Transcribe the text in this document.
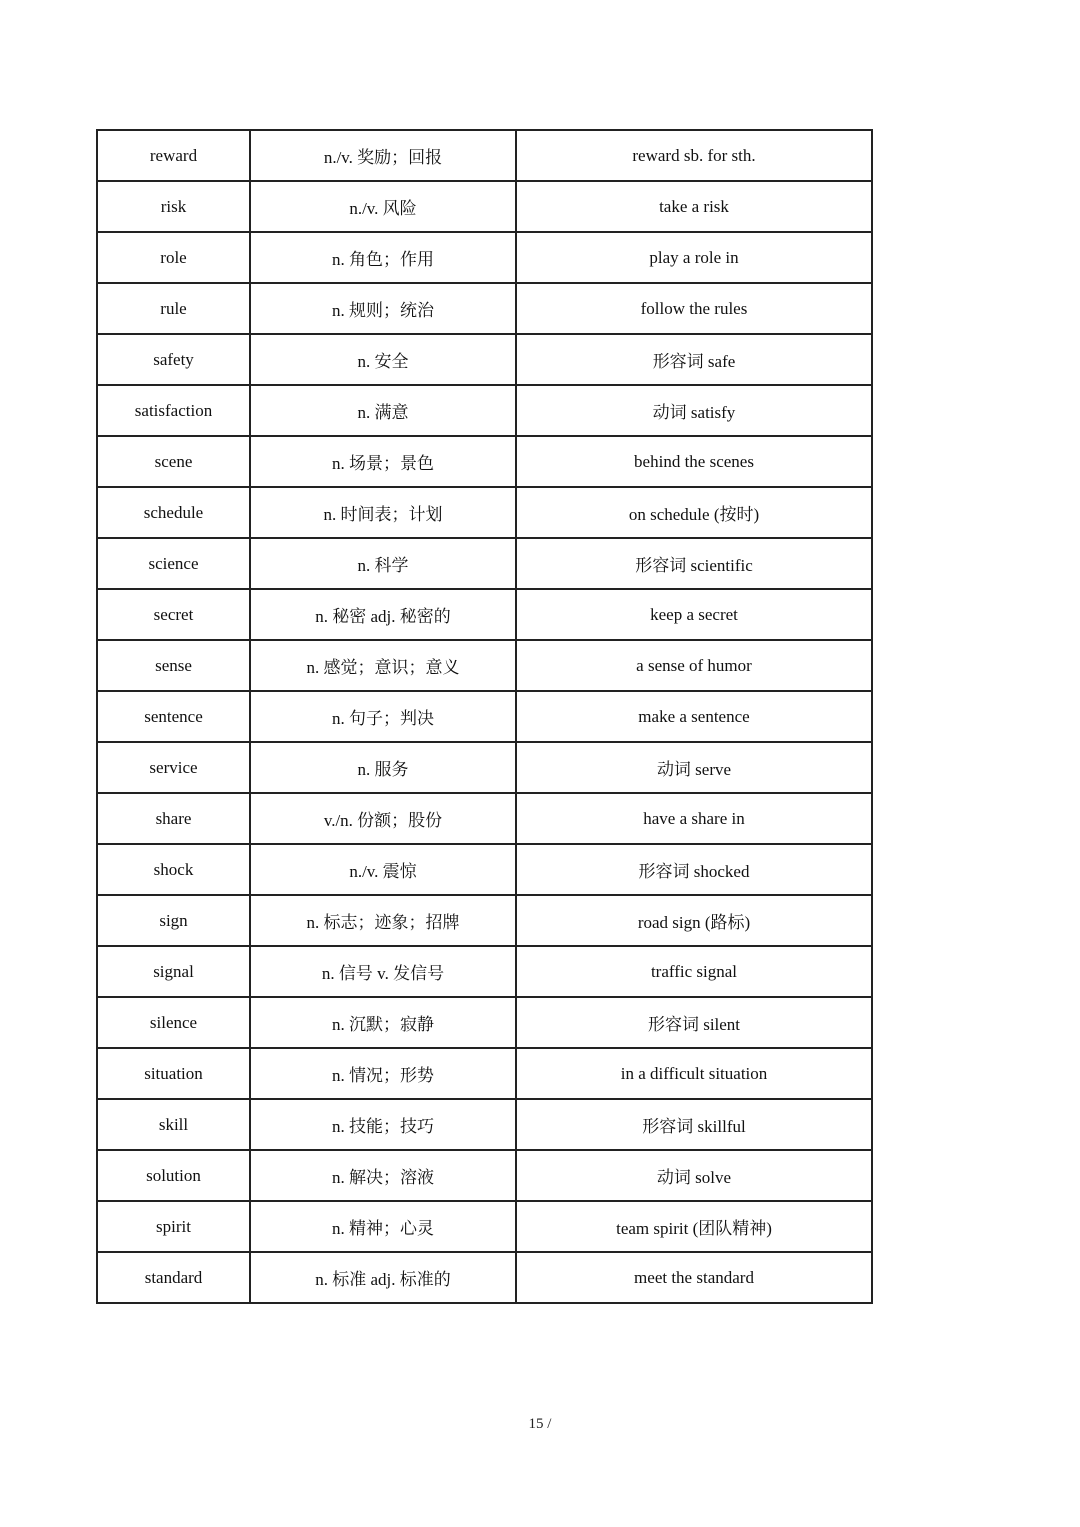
reward	n./v. 奖励；回报	reward sb. for sth.
risk	n./v. 风险	take a risk
role	n. 角色；作用	play a role in
rule	n. 规则；统治	follow the rules
safety	n. 安全	形容词 safe
satisfaction	n. 满意	动词 satisfy
scene	n. 场景；景色	behind the scenes
schedule	n. 时间表；计划	on schedule (按时)
science	n. 科学	形容词 scientific
secret	n. 秘密 adj. 秘密的	keep a secret
sense	n. 感觉；意识；意义	a sense of humor
sentence	n. 句子；判决	make a sentence
service	n. 服务	动词 serve
share	v./n. 份额；股份	have a share in
shock	n./v. 震惊	形容词 shocked
sign	n. 标志；迹象；招牌	road sign (路标)
signal	n. 信号 v. 发信号	traffic signal
silence	n. 沉默；寂静	形容词 silent
situation	n. 情况；形势	in a difficult situation
skill	n. 技能；技巧	形容词 skillful
solution	n. 解决；溶液	动词 solve
spirit	n. 精神；心灵	team spirit (团队精神)
standard	n. 标准 adj. 标准的	meet the standard
15 /
